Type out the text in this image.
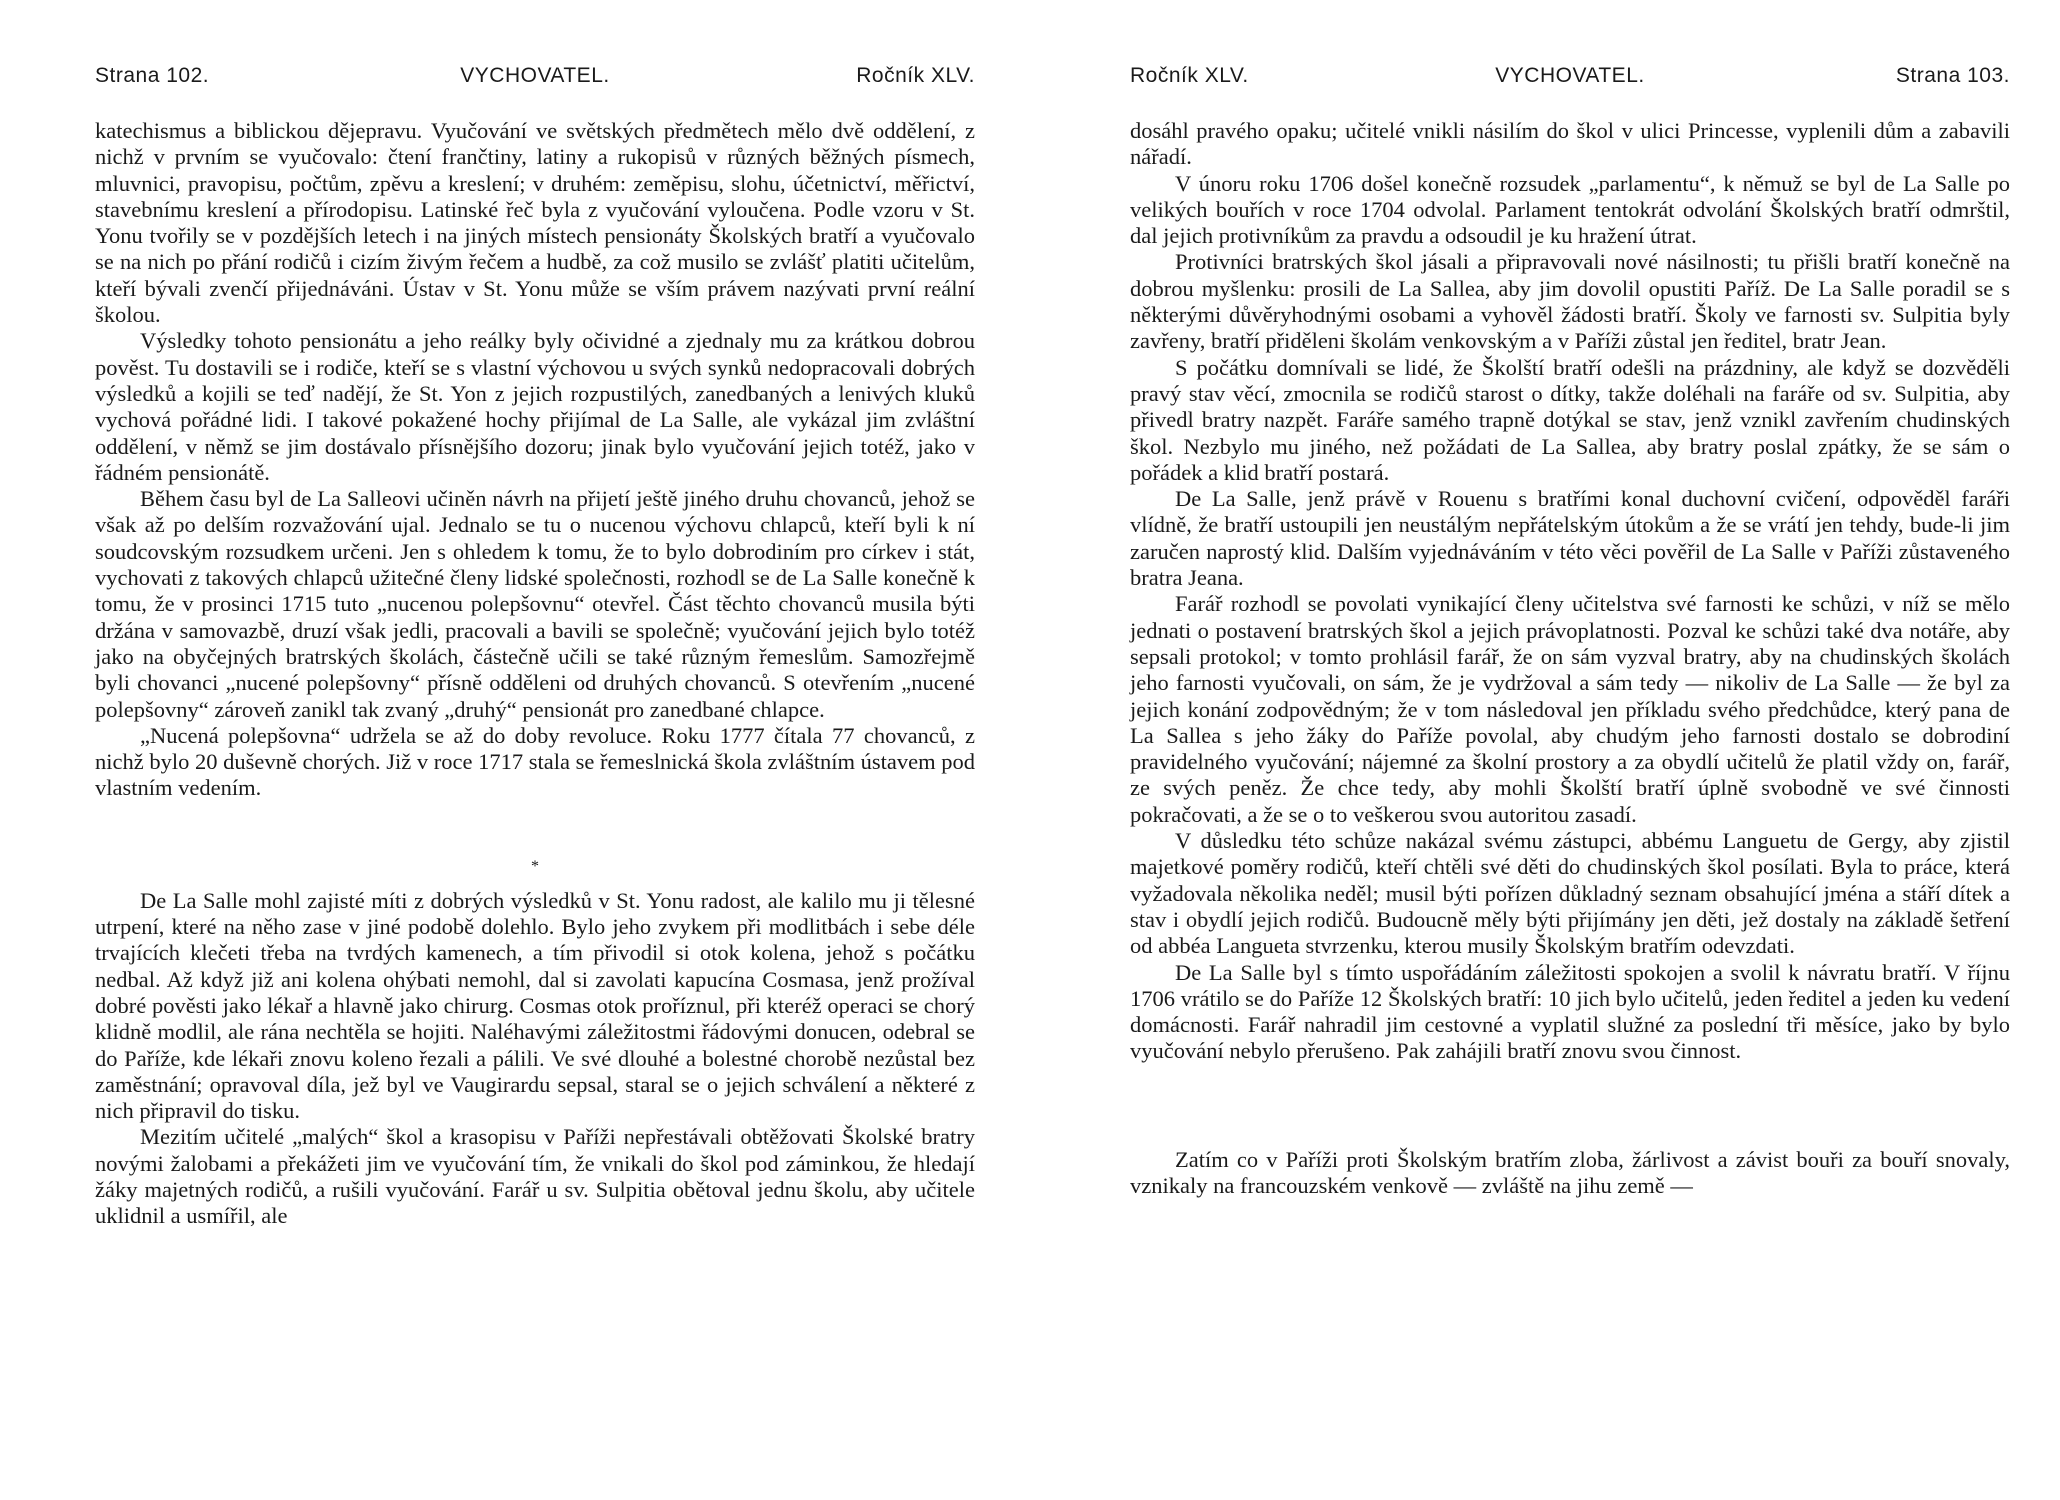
Strana 102.	VYCHOVATEL.	Ročník XLV.

katechismus a biblickou dějepravu. Vyučování ve světských předmětech mělo dvě oddělení, z nichž v prvním se vyučovalo: čtení frančtiny, latiny a rukopisů v různých běžných písmech, mluvnici, pravopisu, počtům, zpěvu a kreslení; v druhém: zeměpisu, slohu, účetnictví, měřictví, stavebnímu kreslení a přírodopisu. Latinské řeč byla z vyučování vyloučena. Podle vzoru v St. Yonu tvořily se v pozdějších letech i na jiných místech pensionáty Školských bratří a vyučovalo se na nich po přání rodičů i cizím živým řečem a hudbě, za což musilo se zvlášť platiti učitelům, kteří bývali zvenčí přijednáváni. Ústav v St. Yonu může se vším právem nazývati první reální školou.

Výsledky tohoto pensionátu a jeho reálky byly očividné a zjednaly mu za krátkou dobrou pověst. Tu dostavili se i rodiče, kteří se s vlastní výchovou u svých synků nedopracovali dobrých výsledků a kojili se teď nadějí, že St. Yon z jejich rozpustilých, zanedbaných a lenivých kluků vychová pořádné lidi. I takové pokažené hochy přijímal de La Salle, ale vykázal jim zvláštní oddělení, v němž se jim dostávalo přísnějšího dozoru; jinak bylo vyučování jejich totéž, jako v řádném pensionátě.

Během času byl de La Salleovi učiněn návrh na přijetí ještě jiného druhu chovanců, jehož se však až po delším rozvažování ujal. Jednalo se tu o nucenou výchovu chlapců, kteří byli k ní soudcovským rozsudkem určeni. Jen s ohledem k tomu, že to bylo dobrodiním pro církev i stát, vychovati z takových chlapců užitečné členy lidské společnosti, rozhodl se de La Salle konečně k tomu, že v prosinci 1715 tuto „nucenou polepšovnu“ otevřel. Část těchto chovanců musila býti držána v samovazbě, druzí však jedli, pracovali a bavili se společně; vyučování jejich bylo totéž jako na obyčejných bratrských školách, částečně učili se také různým řemeslům. Samozřejmě byli chovanci „nucené polepšovny“ přísně odděleni od druhých chovanců. S otevřením „nucené polepšovny“ zároveň zanikl tak zvaný „druhý“ pensionát pro zanedbané chlapce.

„Nucená polepšovna“ udržela se až do doby revoluce. Roku 1777 čítala 77 chovanců, z nichž bylo 20 duševně chorých. Již v roce 1717 stala se řemeslnická škola zvláštním ústavem pod vlastním vedením.

*

De La Salle mohl zajisté míti z dobrých výsledků v St. Yonu radost, ale kalilo mu ji tělesné utrpení, které na něho zase v jiné podobě dolehlo. Bylo jeho zvykem při modlitbách i sebe déle trvajících klečeti třeba na tvrdých kamenech, a tím přivodil si otok kolena, jehož s počátku nedbal. Až když již ani kolena ohýbati nemohl, dal si zavolati kapucína Cosmasa, jenž prožíval dobré pověsti jako lékař a hlavně jako chirurg. Cosmas otok proříznul, při kteréž operaci se chorý klidně modlil, ale rána nechtěla se hojiti. Naléhavými záležitostmi řádovými donucen, odebral se do Paříže, kde lékaři znovu koleno řezali a pálili. Ve své dlouhé a bolestné chorobě nezůstal bez zaměstnání; opravoval díla, jež byl ve Vaugirardu sepsal, staral se o jejich schválení a některé z nich připravil do tisku.

Mezitím učitelé „malých“ škol a krasopisu v Paříži nepřestávali obtěžovati Školské bratry novými žalobami a překážeti jim ve vyučování tím, že vnikali do škol pod záminkou, že hledají žáky majetných rodičů, a rušili vyučování. Farář u sv. Sulpitia obětoval jednu školu, aby učitele uklidnil a usmířil, ale

Ročník XLV.	VYCHOVATEL.	Strana 103.

dosáhl pravého opaku; učitelé vnikli násilím do škol v ulici Princesse, vyplenili dům a zabavili nářadí.

V únoru roku 1706 došel konečně rozsudek „parlamentu“, k němuž se byl de La Salle po velikých bouřích v roce 1704 odvolal. Parlament tentokrát odvolání Školských bratří odmrštil, dal jejich protivníkům za pravdu a odsoudil je ku hražení útrat.

Protivníci bratrských škol jásali a připravovali nové násilnosti; tu přišli bratří konečně na dobrou myšlenku: prosili de La Sallea, aby jim dovolil opustiti Paříž. De La Salle poradil se s některými důvěryhodnými osobami a vyhověl žádosti bratří. Školy ve farnosti sv. Sulpitia byly zavřeny, bratří přiděleni školám venkovským a v Paříži zůstal jen ředitel, bratr Jean.

S počátku domnívali se lidé, že Školští bratří odešli na prázdniny, ale když se dozvěděli pravý stav věcí, zmocnila se rodičů starost o dítky, takže doléhali na faráře od sv. Sulpitia, aby přivedl bratry nazpět. Faráře samého trapně dotýkal se stav, jenž vznikl zavřením chudinských škol. Nezbylo mu jiného, než požádati de La Sallea, aby bratry poslal zpátky, že se sám o pořádek a klid bratří postará.

De La Salle, jenž právě v Rouenu s bratřími konal duchovní cvičení, odpověděl faráři vlídně, že bratří ustoupili jen neustálým nepřátelským útokům a že se vrátí jen tehdy, bude-li jim zaručen naprostý klid. Dalším vyjednáváním v této věci pověřil de La Salle v Paříži zůstaveného bratra Jeana.

Farář rozhodl se povolati vynikající členy učitelstva své farnosti ke schůzi, v níž se mělo jednati o postavení bratrských škol a jejich právoplatnosti. Pozval ke schůzi také dva notáře, aby sepsali protokol; v tomto prohlásil farář, že on sám vyzval bratry, aby na chudinských školách jeho farnosti vyučovali, on sám, že je vydržoval a sám tedy — nikoliv de La Salle — že byl za jejich konání zodpovědným; že v tom následoval jen příkladu svého předchůdce, který pana de La Sallea s jeho žáky do Paříže povolal, aby chudým jeho farnosti dostalo se dobrodiní pravidelného vyučování; nájemné za školní prostory a za obydlí učitelů že platil vždy on, farář, ze svých peněz. Že chce tedy, aby mohli Školští bratří úplně svobodně ve své činnosti pokračovati, a že se o to veškerou svou autoritou zasadí.

V důsledku této schůze nakázal svému zástupci, abbému Languetu de Gergy, aby zjistil majetkové poměry rodičů, kteří chtěli své děti do chudinských škol posílati. Byla to práce, která vyžadovala několika neděl; musil býti pořízen důkladný seznam obsahující jména a stáří dítek a stav i obydlí jejich rodičů. Budoucně měly býti přijímány jen děti, jež dostaly na základě šetření od abbéa Langueta stvrzenku, kterou musily Školským bratřím odevzdati.

De La Salle byl s tímto uspořádáním záležitosti spokojen a svolil k návratu bratří. V říjnu 1706 vrátilo se do Paříže 12 Školských bratří: 10 jich bylo učitelů, jeden ředitel a jeden ku vedení domácnosti. Farář nahradil jim cestovné a vyplatil služné za poslední tři měsíce, jako by bylo vyučování nebylo přerušeno. Pak zahájili bratří znovu svou činnost.

Zatím co v Paříži proti Školským bratřím zloba, žárlivost a závist bouři za bouří snovaly, vznikaly na francouzském venkově — zvláště na jihu země —
